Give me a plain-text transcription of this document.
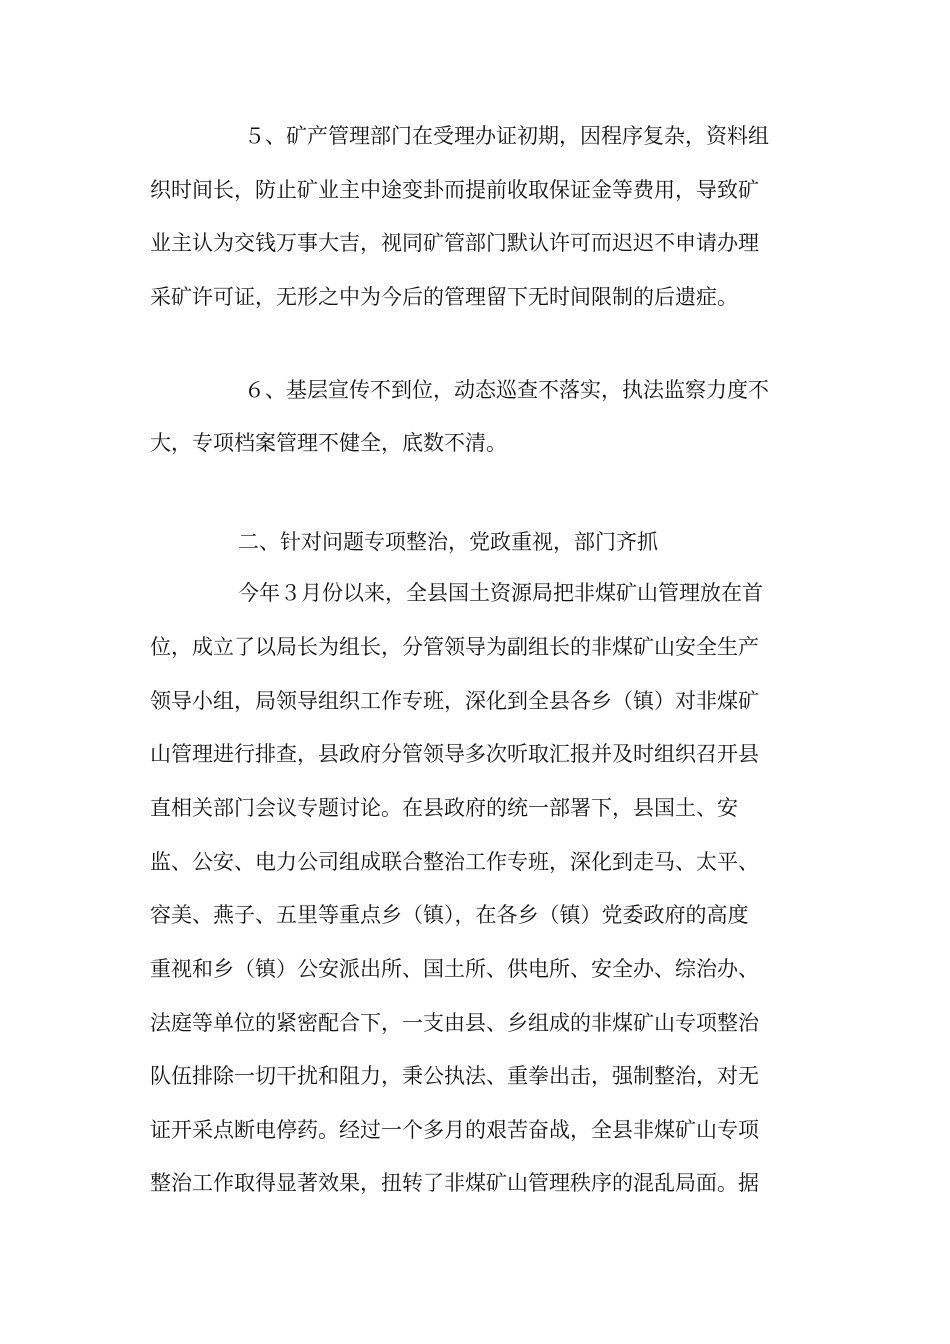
５、矿产管理部门在受理办证初期，因程序复杂，资料组
织时间长，防止矿业主中途变卦而提前收取保证金等费用，导致矿
业主认为交钱万事大吉，视同矿管部门默认许可而迟迟不申请办理
采矿许可证，无形之中为今后的管理留下无时间限制的后遗症。
６、基层宣传不到位，动态巡查不落实，执法监察力度不
大，专项档案管理不健全，底数不清。
二、针对问题专项整治，党政重视，部门齐抓
今年３月份以来，全县国土资源局把非煤矿山管理放在首
位，成立了以局长为组长，分管领导为副组长的非煤矿山安全生产
领导小组，局领导组织工作专班，深化到全县各乡（镇）对非煤矿
山管理进行排查，县政府分管领导多次听取汇报并及时组织召开县
直相关部门会议专题讨论。在县政府的统一部署下，县国土、安
监、公安、电力公司组成联合整治工作专班，深化到走马、太平、
容美、燕子、五里等重点乡（镇），在各乡（镇）党委政府的高度
重视和乡（镇）公安派出所、国土所、供电所、安全办、综治办、
法庭等单位的紧密配合下，一支由县、乡组成的非煤矿山专项整治
队伍排除一切干扰和阻力，秉公执法、重拳出击，强制整治，对无
证开采点断电停药。经过一个多月的艰苦奋战，全县非煤矿山专项
整治工作取得显著效果，扭转了非煤矿山管理秩序的混乱局面。据
